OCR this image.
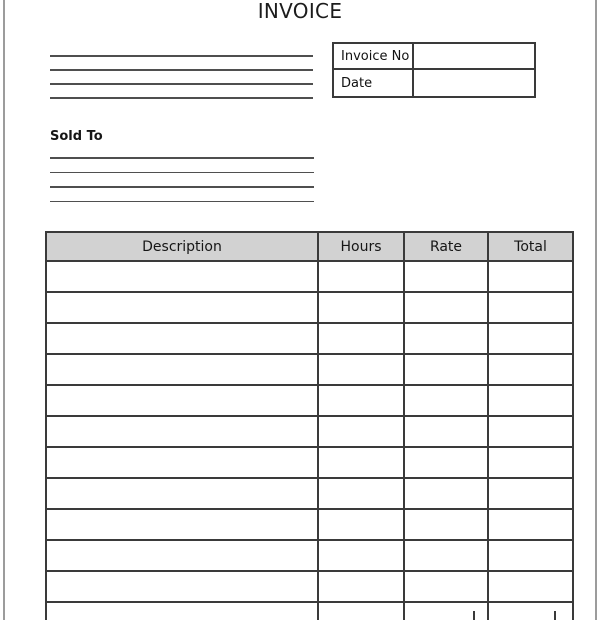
INVOICE
Invoice No
Date
Sold To
Description	Hours	Rate	Total
